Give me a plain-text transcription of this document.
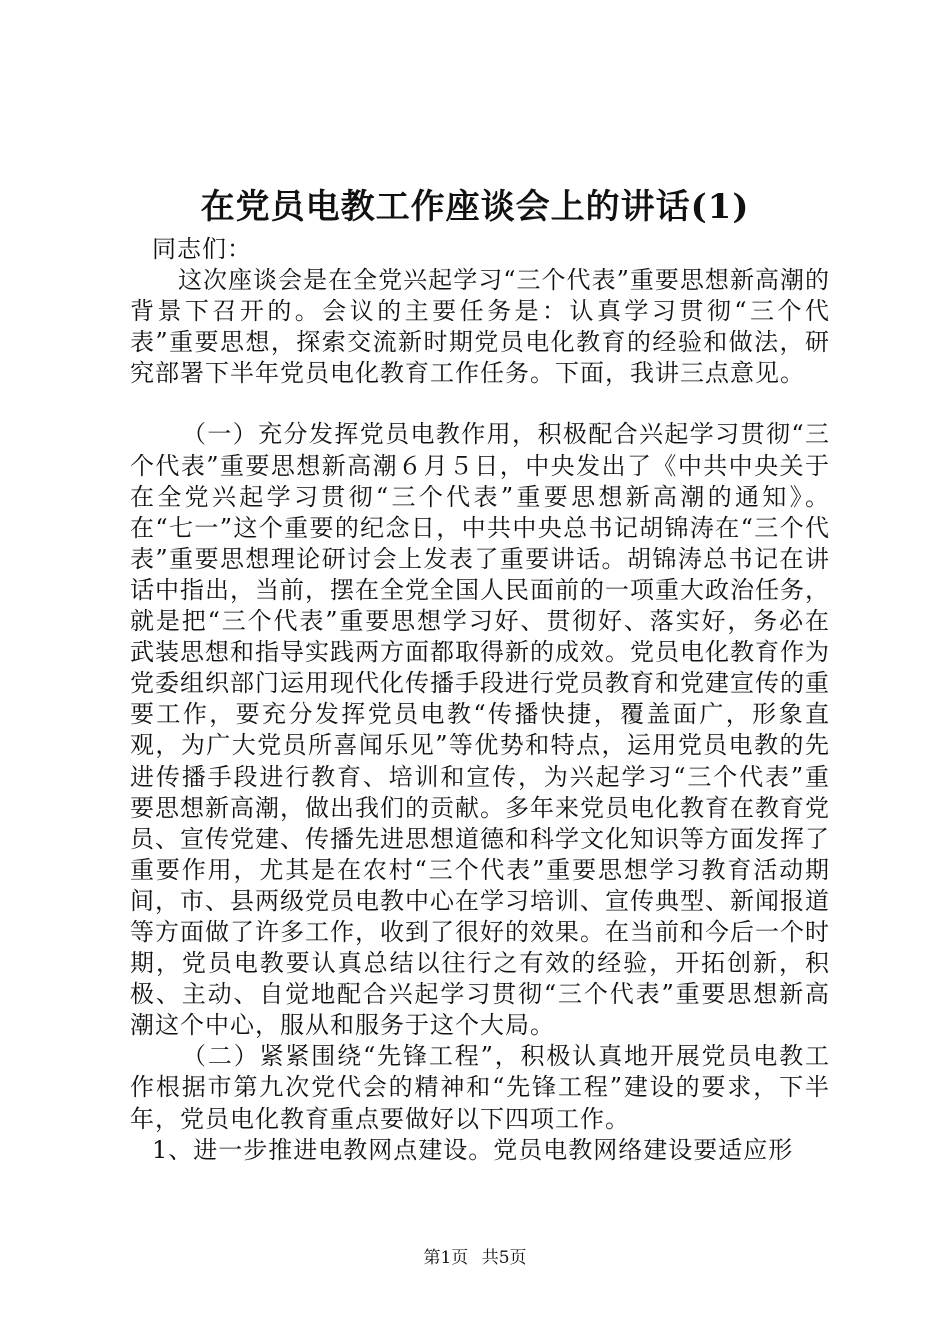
在党员电教工作座谈会上的讲话(1)

同志们：

这次座谈会是在全党兴起学习“三个代表”重要思想新高潮的背景下召开的。会议的主要任务是：认真学习贯彻“三个代表”重要思想，探索交流新时期党员电化教育的经验和做法，研究部署下半年党员电化教育工作任务。下面，我讲三点意见。

（一）充分发挥党员电教作用，积极配合兴起学习贯彻“三个代表”重要思想新高潮６月５日，中央发出了《中共中央关于在全党兴起学习贯彻“三个代表”重要思想新高潮的通知》。在“七一”这个重要的纪念日，中共中央总书记胡锦涛在“三个代表”重要思想理论研讨会上发表了重要讲话。胡锦涛总书记在讲话中指出，当前，摆在全党全国人民面前的一项重大政治任务，就是把“三个代表”重要思想学习好、贯彻好、落实好，务必在武装思想和指导实践两方面都取得新的成效。党员电化教育作为党委组织部门运用现代化传播手段进行党员教育和党建宣传的重要工作，要充分发挥党员电教“传播快捷，覆盖面广，形象直观，为广大党员所喜闻乐见”等优势和特点，运用党员电教的先进传播手段进行教育、培训和宣传，为兴起学习“三个代表”重要思想新高潮，做出我们的贡献。多年来党员电化教育在教育党员、宣传党建、传播先进思想道德和科学文化知识等方面发挥了重要作用，尤其是在农村“三个代表”重要思想学习教育活动期间，市、县两级党员电教中心在学习培训、宣传典型、新闻报道等方面做了许多工作，收到了很好的效果。在当前和今后一个时期，党员电教要认真总结以往行之有效的经验，开拓创新，积极、主动、自觉地配合兴起学习贯彻“三个代表”重要思想新高潮这个中心，服从和服务于这个大局。

（二）紧紧围绕“先锋工程”，积极认真地开展党员电教工作根据市第九次党代会的精神和“先锋工程”建设的要求，下半年，党员电化教育重点要做好以下四项工作。

1、进一步推进电教网点建设。党员电教网络建设要适应形

第1页 共5页
